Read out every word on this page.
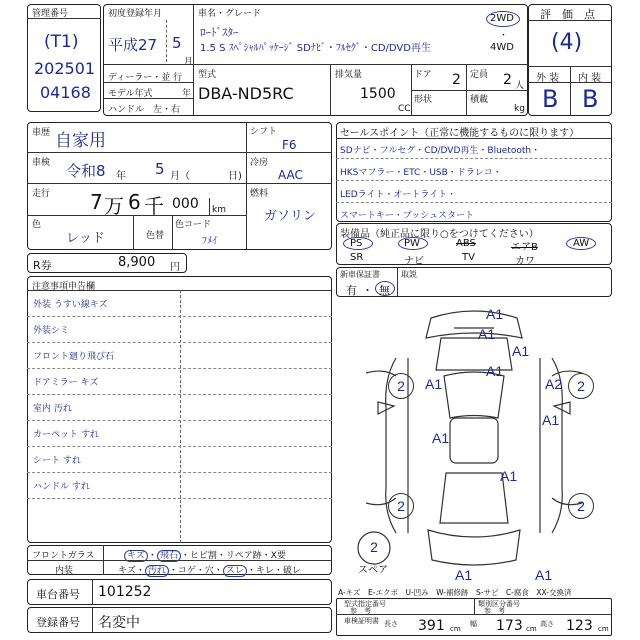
管理番号
(T1)
202501
04168
初度登録年月
平成27 5
月
ディーラー・並 行
モデル年式	年
ハンドル　左・右
車名・グレード
ﾛｰﾄﾞｽﾀｰ
1.5 S ｽﾍﾟｼｬﾙﾊﾟｯｹｰｼﾞ SDﾅﾋﾞ・ﾌﾙｾｸﾞ・CD/DVD再生
2WD
・
4WD
型式
DBA-ND5RC
排気量
1500
CC
ドア 2
形状
定員 2 人
積載
kg
評　価　点
(4)
外 装 内 装
B B
車歴 自家用
車検 令和8 年 5 月（	日)
走行 7 万 6 千 000 km
色
レッド	色替
色コード
ﾌﾒｲ
シフト
F6
冷房
AAC
燃料
ガソリン
R券	8,900 円
セールスポイント（正常に機能するものに限ります）
SDナビ・フルセグ・CD/DVD再生・Bluetooth・
HKSマフラー・ETC・USB・ドラレコ・
LEDライト・オートライト・
スマートキー・プッシュスタート
装備品（純正品に限り○をつけてください）
PS	PW	ABS	エアB	AW
SR	ナビ	TV	カワ
新車保証書
有 ・ 無
取説
注意事項申告欄
外装 うすい線キズ
外装シミ
フロント廻り飛び石
ドアミラー キズ
室内 汚れ
カーペット すれ
シート すれ
ハンドル すれ
フロントガラス
内装
キズ ・ 飛石 ・ヒビ割・リペア跡・X要
キズ・ 汚れ ・コゲ・穴・ スレ ・キレ・破レ
車台番号 101252
登録番号 名変中
スペア
A1
A1
A1
A1
A1	A2
A1
A1
A1
A1	A1
2	2
2	2
2
A-キズ　E-エクボ　U-凹み　W-補修跡　S-サビ　C-腐食　XX-交換済
型式指定番号
参　考
類別区分番号
参　考
車検証明書 長さ 391 cm
幅 173 cm
高さ 123 cm
